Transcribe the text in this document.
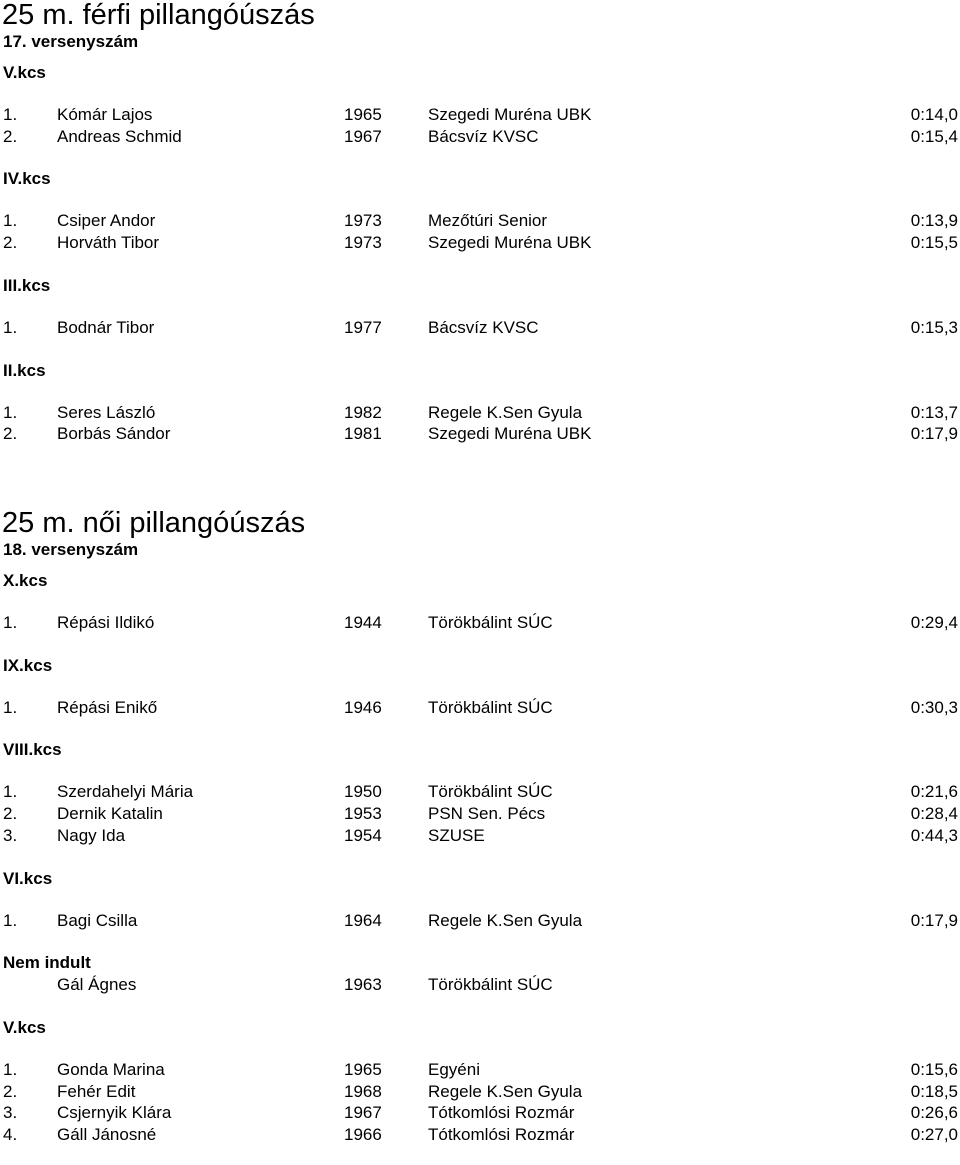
25 m. férfi pillangóúszás
17. versenyszám
V.kcs
1. Kómár Lajos	1965	Szegedi Muréna UBK	0:14,0
2. Andreas Schmid	1967	Bácsvíz KVSC	0:15,4
IV.kcs
1. Csiper Andor	1973	Mezőtúri Senior	0:13,9
2. Horváth Tibor	1973	Szegedi Muréna UBK	0:15,5
III.kcs
1. Bodnár Tibor	1977	Bácsvíz KVSC	0:15,3
II.kcs
1. Seres László	1982	Regele K.Sen Gyula	0:13,7
2. Borbás Sándor	1981	Szegedi Muréna UBK	0:17,9
25 m. női pillangóúszás
18. versenyszám
X.kcs
1. Répási Ildikó	1944	Törökbálint SÚC	0:29,4
IX.kcs
1. Répási Enikő	1946	Törökbálint SÚC	0:30,3
VIII.kcs
1. Szerdahelyi Mária	1950	Törökbálint SÚC	0:21,6
2. Dernik Katalin	1953	PSN Sen. Pécs	0:28,4
3. Nagy Ida	1954	SZUSE	0:44,3
VI.kcs
1. Bagi Csilla	1964	Regele K.Sen Gyula	0:17,9
Nem indult
Gál Ágnes	1963	Törökbálint SÚC
V.kcs
1. Gonda Marina	1965	Egyéni	0:15,6
2. Fehér Edit	1968	Regele K.Sen Gyula	0:18,5
3. Csjernyik Klára	1967	Tótkomlósi Rozmár	0:26,6
4. Gáll Jánosné	1966	Tótkomlósi Rozmár	0:27,0
